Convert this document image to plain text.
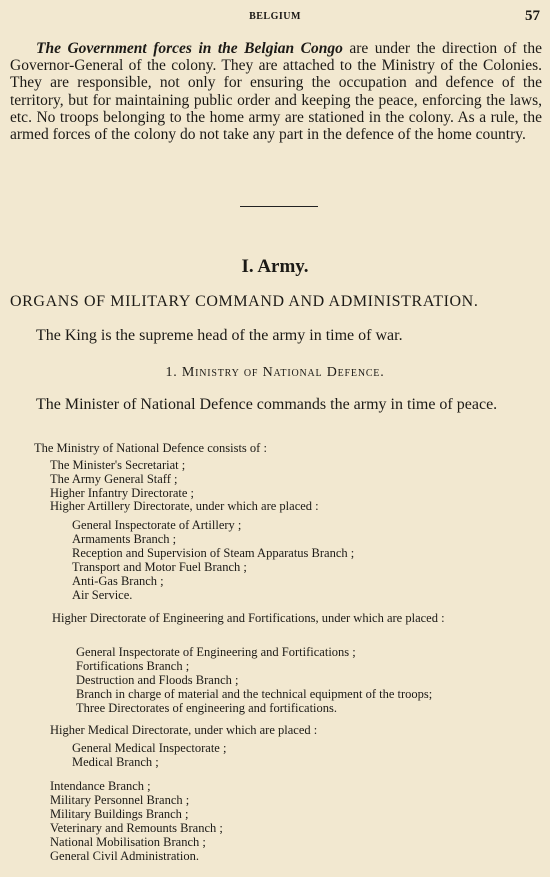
BELGIUM	57

The Government forces in the Belgian Congo are under the direction of the Governor-General of the colony. They are attached to the Ministry of the Colonies. They are responsible, not only for ensuring the occupation and defence of the territory, but for maintaining public order and keeping the peace, enforcing the laws, etc. No troops belonging to the home army are stationed in the colony. As a rule, the armed forces of the colony do not take any part in the defence of the home country.

I. Army.
ORGANS OF MILITARY COMMAND AND ADMINISTRATION.
The King is the supreme head of the army in time of war.
1. Ministry of National Defence.

The Minister of National Defence commands the army in time of peace.

The Ministry of National Defence consists of :
The Minister's Secretariat ;
The Army General Staff ;
Higher Infantry Directorate ;
Higher Artillery Directorate, under which are placed :
General Inspectorate of Artillery ;
Armaments Branch ;
Reception and Supervision of Steam Apparatus Branch ;
Transport and Motor Fuel Branch ;
Anti-Gas Branch ;
Air Service.

Higher Directorate of Engineering and Fortifications, under which are placed :

General Inspectorate of Engineering and Fortifications ;
Fortifications Branch ;
Destruction and Floods Branch ;
Branch in charge of material and the technical equipment of the troops;
Three Directorates of engineering and fortifications.
Higher Medical Directorate, under which are placed :
General Medical Inspectorate ;
Medical Branch ;
Intendance Branch ;
Military Personnel Branch ;
Military Buildings Branch ;
Veterinary and Remounts Branch ;
National Mobilisation Branch ;
General Civil Administration.
